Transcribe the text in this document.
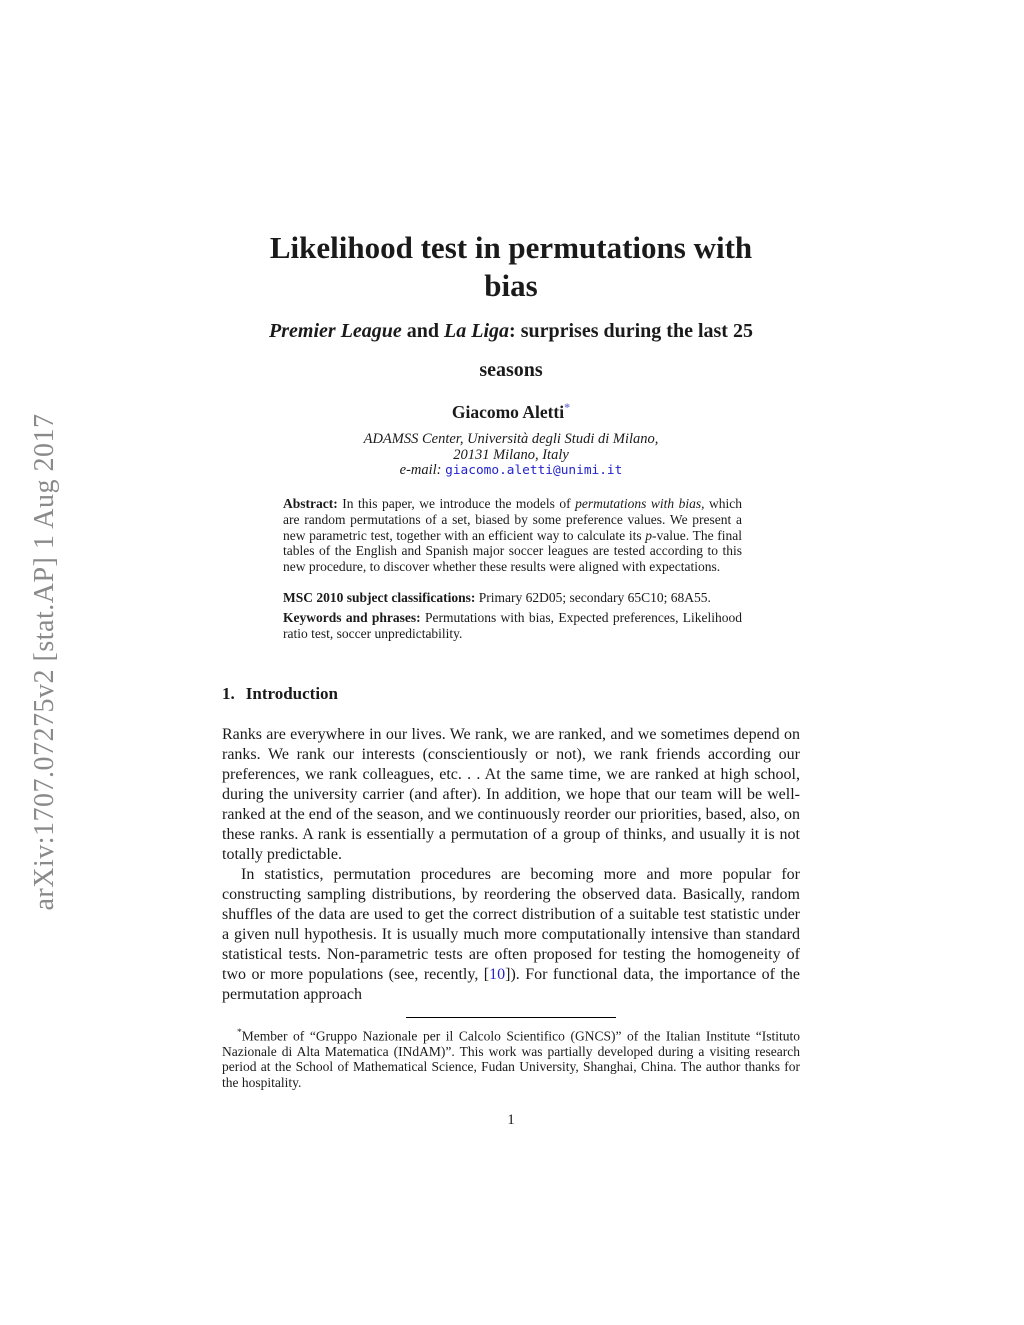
arXiv:1707.07275v2 [stat.AP] 1 Aug 2017
Likelihood test in permutations with
bias
Premier League and La Liga: surprises during the last 25
seasons
Giacomo Aletti*
ADAMSS Center, Università degli Studi di Milano,
20131 Milano, Italy
e-mail: giacomo.aletti@unimi.it
Abstract: In this paper, we introduce the models of permutations with bias, which are random permutations of a set, biased by some preference values. We present a new parametric test, together with an efficient way to calculate its p-value. The final tables of the English and Spanish major soccer leagues are tested according to this new procedure, to discover whether these results were aligned with expectations.
MSC 2010 subject classifications: Primary 62D05; secondary 65C10; 68A55.
Keywords and phrases: Permutations with bias, Expected preferences, Likelihood ratio test, soccer unpredictability.
1. Introduction

Ranks are everywhere in our lives. We rank, we are ranked, and we sometimes depend on ranks. We rank our interests (conscientiously or not), we rank friends according our preferences, we rank colleagues, etc. . . At the same time, we are ranked at high school, during the university carrier (and after). In addition, we hope that our team will be well-ranked at the end of the season, and we continuously reorder our priorities, based, also, on these ranks. A rank is essentially a permutation of a group of thinks, and usually it is not totally predictable.

In statistics, permutation procedures are becoming more and more popular for constructing sampling distributions, by reordering the observed data. Basically, random shuffles of the data are used to get the correct distribution of a suitable test statistic under a given null hypothesis. It is usually much more computationally intensive than standard statistical tests. Non-parametric tests are often proposed for testing the homogeneity of two or more populations (see, recently, [10]). For functional data, the importance of the permutation approach

*Member of “Gruppo Nazionale per il Calcolo Scientifico (GNCS)” of the Italian Institute “Istituto Nazionale di Alta Matematica (INdAM)”. This work was partially developed during a visiting research period at the School of Mathematical Science, Fudan University, Shanghai, China. The author thanks for the hospitality.
1
